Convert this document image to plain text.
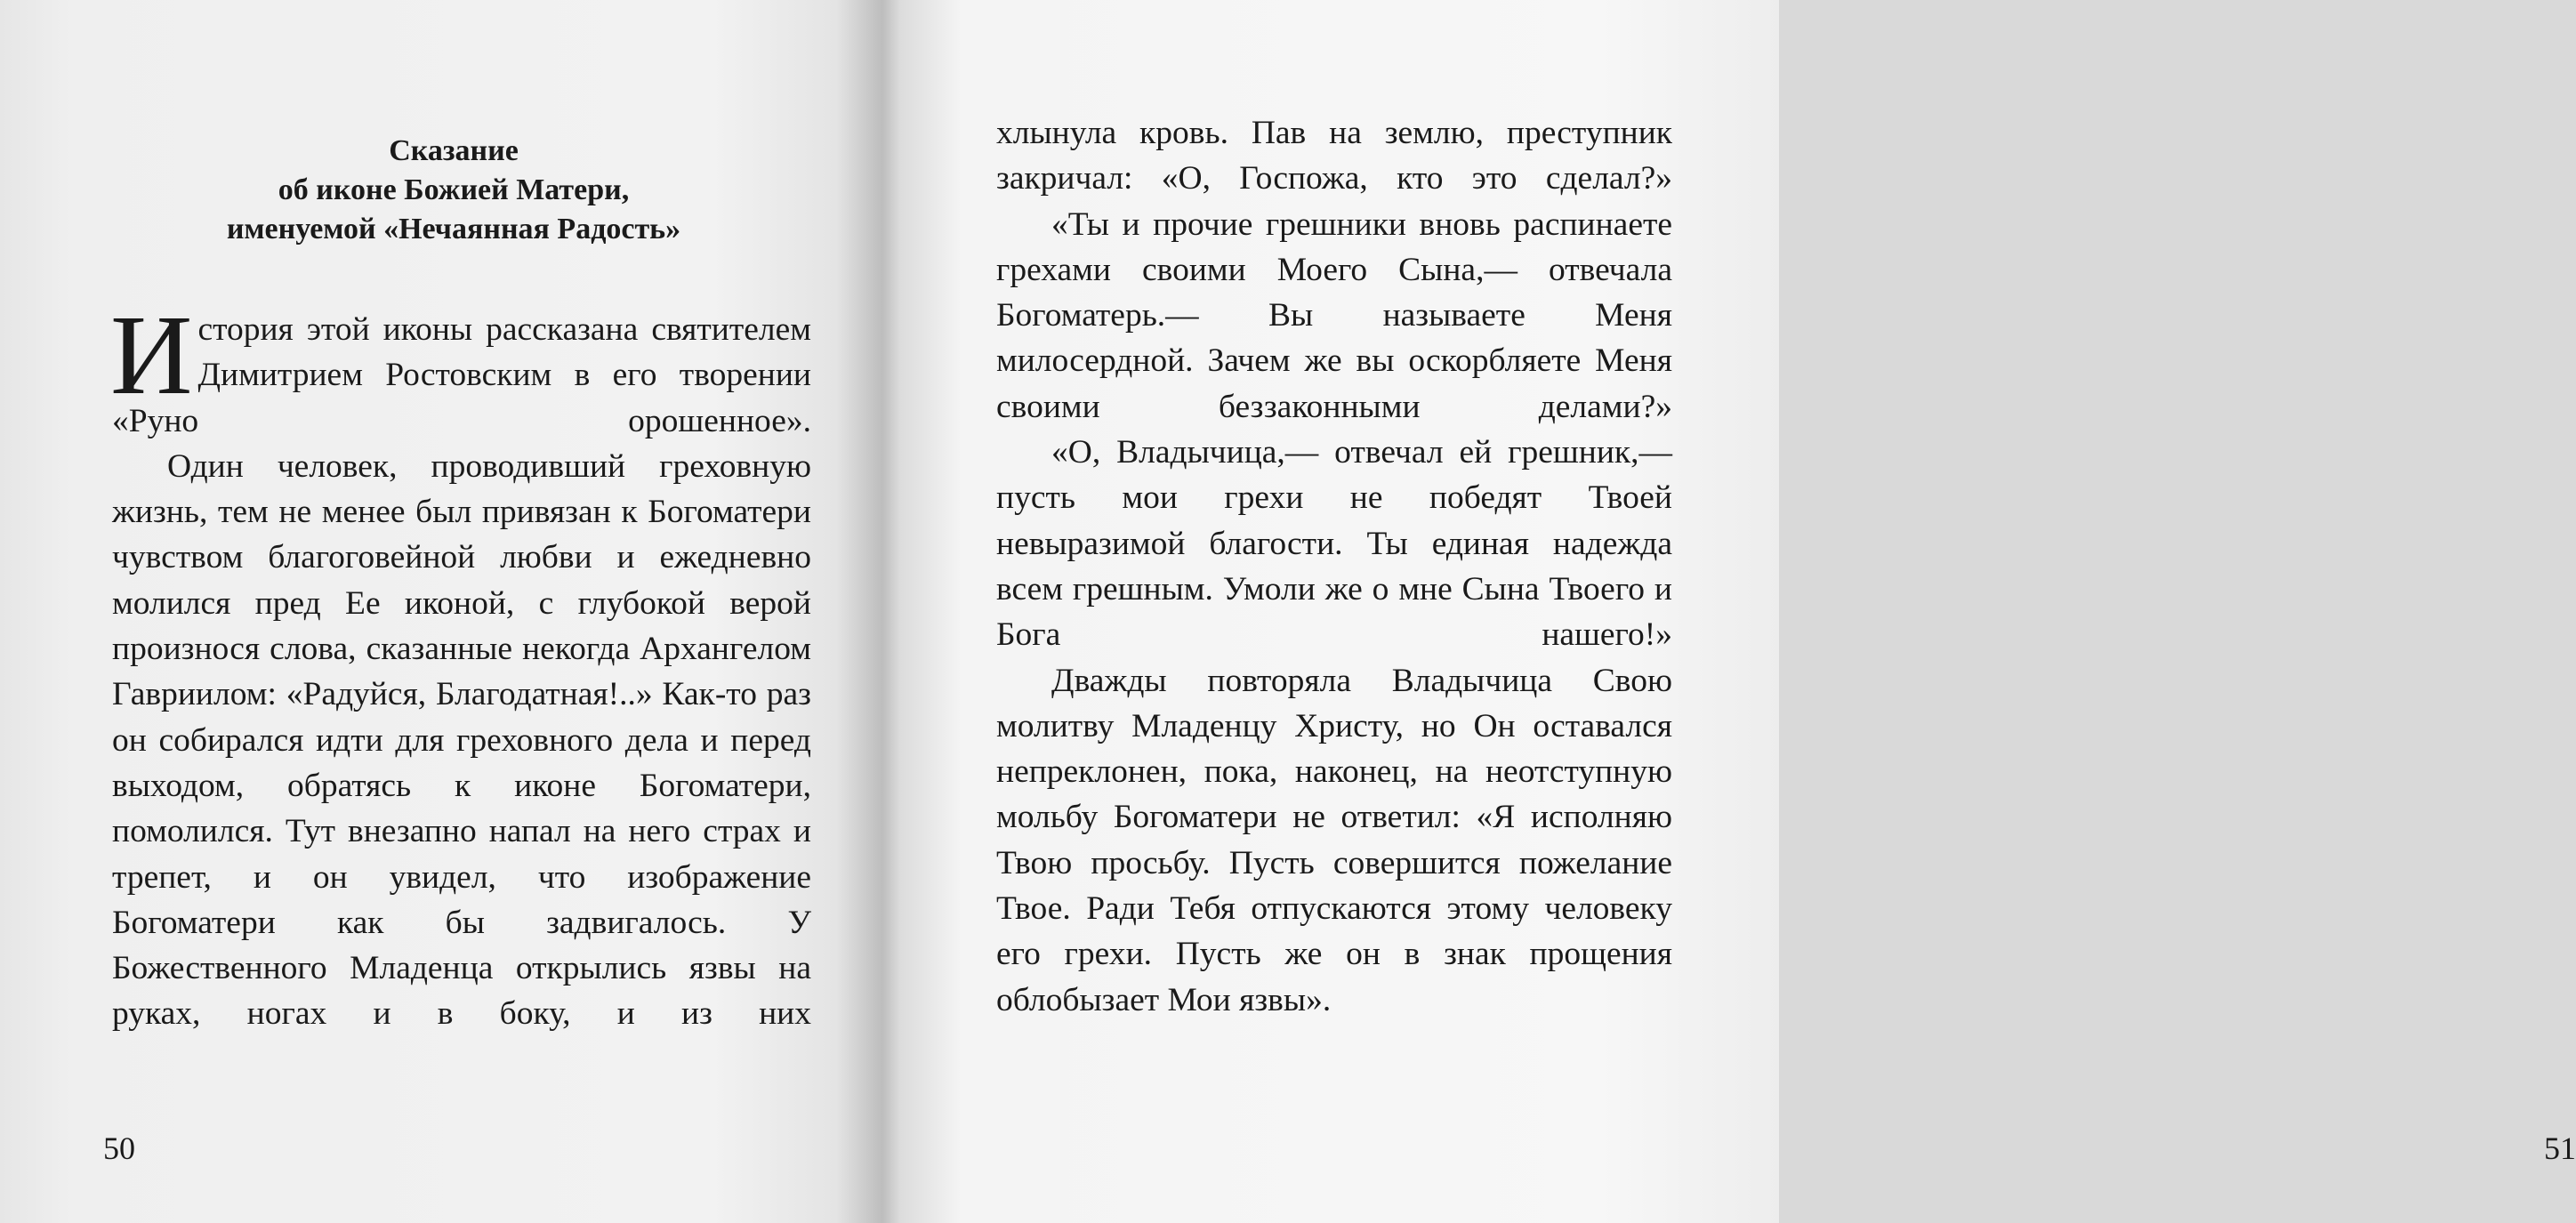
Сказание
об иконе Божией Матери,
именуемой «Нечаянная Радость»

История этой иконы рассказана святителем Димитрием Ростовским в его творении «Руно орошенное».

Один человек, проводивший греховную жизнь, тем не менее был привязан к Богоматери чувством благоговейной любви и ежедневно молился пред Ее иконой, с глубокой верой произнося слова, сказанные некогда Архангелом Гавриилом: «Радуйся, Благодатная!..» Как-то раз он собирался идти для греховного дела и перед выходом, обратясь к иконе Богоматери, помолился. Тут внезапно напал на него страх и трепет, и он увидел, что изображение Богоматери как бы задвигалось. У Божественного Младенца открылись язвы на руках, ногах и в боку, и из них

50	51

хлынула кровь. Пав на землю, преступник закричал: «О, Госпожа, кто это сделал?»

«Ты и прочие грешники вновь распинаете грехами своими Моего Сына,— отвечала Богоматерь.— Вы называете Меня милосердной. Зачем же вы оскорбляете Меня своими беззаконными делами?»

«О, Владычица,— отвечал ей грешник,— пусть мои грехи не победят Твоей невыразимой благости. Ты единая надежда всем грешным. Умоли же о мне Сына Твоего и Бога нашего!»

Дважды повторяла Владычица Свою молитву Младенцу Христу, но Он оставался непреклонен, пока, наконец, на неотступную мольбу Богоматери не ответил: «Я исполняю Твою просьбу. Пусть совершится пожелание Твое. Ради Тебя отпускаются этому человеку его грехи. Пусть же он в знак прощения облобызает Мои язвы».
